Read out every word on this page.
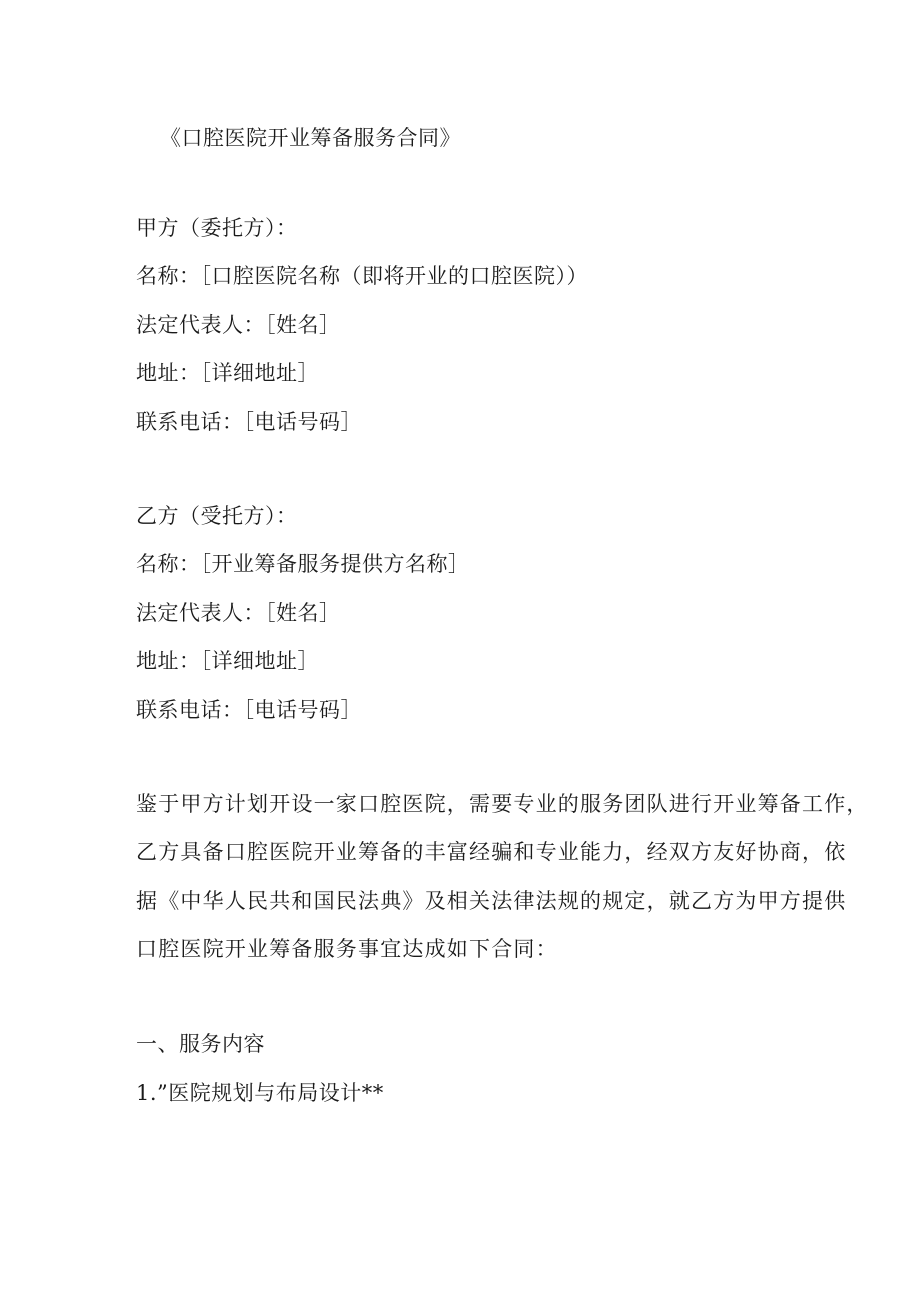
《口腔医院开业筹备服务合同》
甲方（委托方）：
名称：［口腔医院名称（即将开业的口腔医院））
法定代表人：［姓名］
地址：［详细地址］
联系电话：［电话号码］
乙方（受托方）：
名称：［开业筹备服务提供方名称］
法定代表人：［姓名］
地址：［详细地址］
联系电话：［电话号码］
鉴于甲方计划开设一家口腔医院，需要专业的服务团队进行开业筹备工作，
乙方具备口腔医院开业筹备的丰富经骗和专业能力，经双方友好协商，依
据《中华人民共和国民法典》及相关法律法规的规定，就乙方为甲方提供
口腔医院开业筹备服务事宜达成如下合同：
一、服务内容
1.”医院规划与布局设计**
